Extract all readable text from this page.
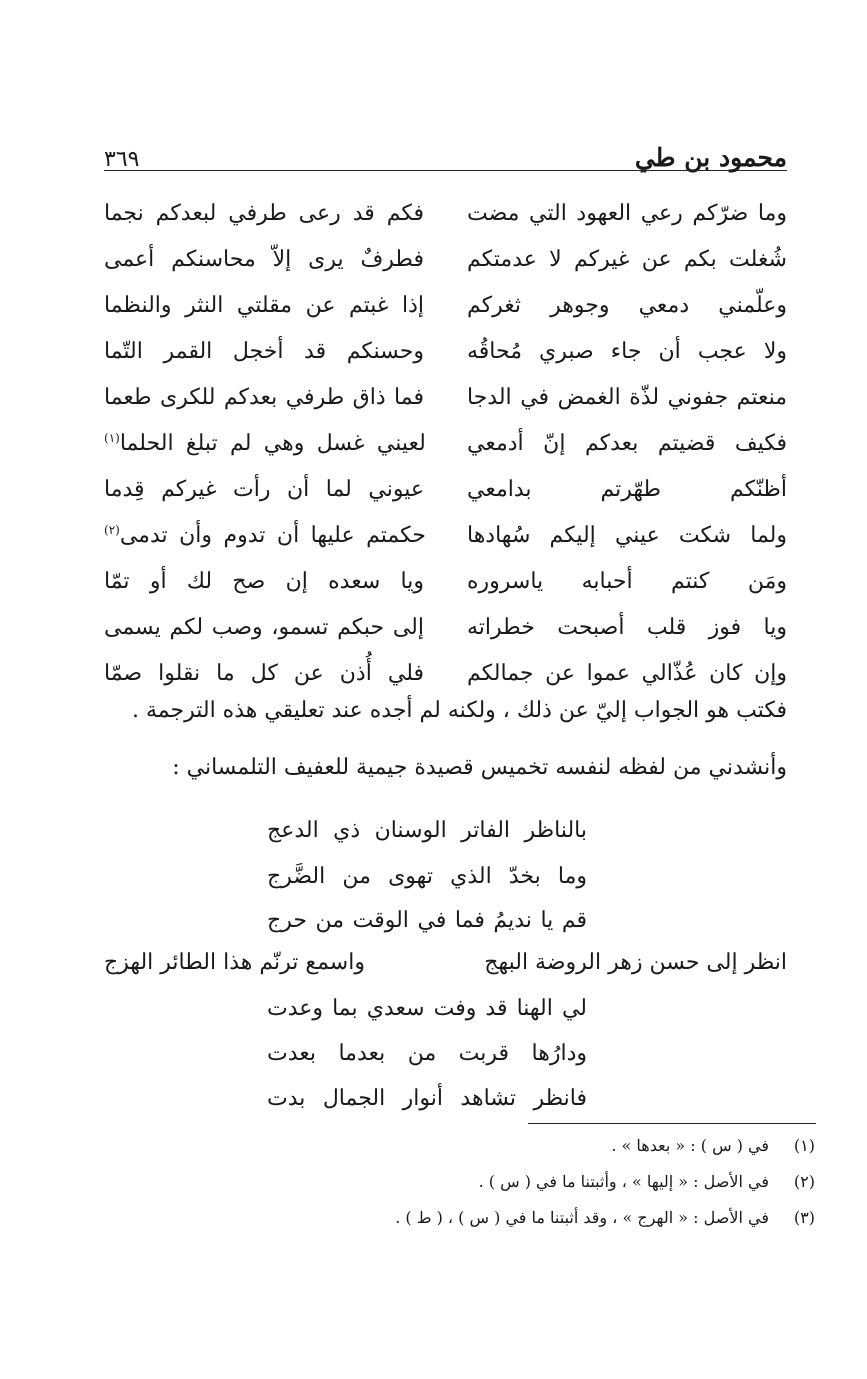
محمود بن طي
٣٦٩
وما ضرّكم رعي العهود التي مضت
فكم قد رعى طرفي لبعدكم نجما
شُغلت بكم عن غيركم لا عدمتكم
فطرفٌ يرى إلاّ محاسنكم أعمى
وعلّمني دمعي وجوهر ثغركم
إذا غبتم عن مقلتي النثر والنظما
ولا عجب أن جاء صبري مُحاقُه
وحسنكم قد أخجل القمر التّما
منعتم جفوني لذّة الغمض في الدجا
فما ذاق طرفي بعدكم للكرى طعما
فكيف قضيتم بعدكم إنّ أدمعي
لعيني غسل وهي لم تبلغ الحلما
(١)
أظنّكم طهّرتم بدامعي
عيوني لما أن رأت غيركم قِدما
ولما شكت عيني إليكم سُهادها
حكمتم عليها أن تدوم وأن تدمى
(٢)
ومَن كنتم أحبابه ياسروره
ويا سعده إن صح لك أو تمّا
ويا فوز قلب أصبحت خطراته
إلى حبكم تسمو، وصب لكم يسمى
وإن كان عُذّالي عموا عن جمالكم
فلي أُذن عن كل ما نقلوا صمّا
فكتب هو الجواب إليّ عن ذلك ، ولكنه لم أجده عند تعليقي هذه الترجمة .
وأنشدني من لفظه لنفسه تخميس قصيدة جيمية للعفيف التلمساني :
بالناظر الفاتر الوسنان ذي الدعج
وما بخدّ الذي تهوى من الضَّرج
قم يا نديمُ فما في الوقت من حرج
انظر إلى حسن زهر الروضة البهج
واسمع ترنّم هذا الطائر الهزج
لي الهنا قد وفت سعدي بما وعدت
ودارُها قربت من بعدما بعدت
فانظر تشاهد أنوار الجمال بدت
(١)
في ( س ) : « بعدها » .
(٢)
في الأصل : « إليها » ، وأثبتنا ما في ( س ) .
(٣)
في الأصل : « الهرج » ، وقد أثبتنا ما في ( س ) ، ( ط ) .
